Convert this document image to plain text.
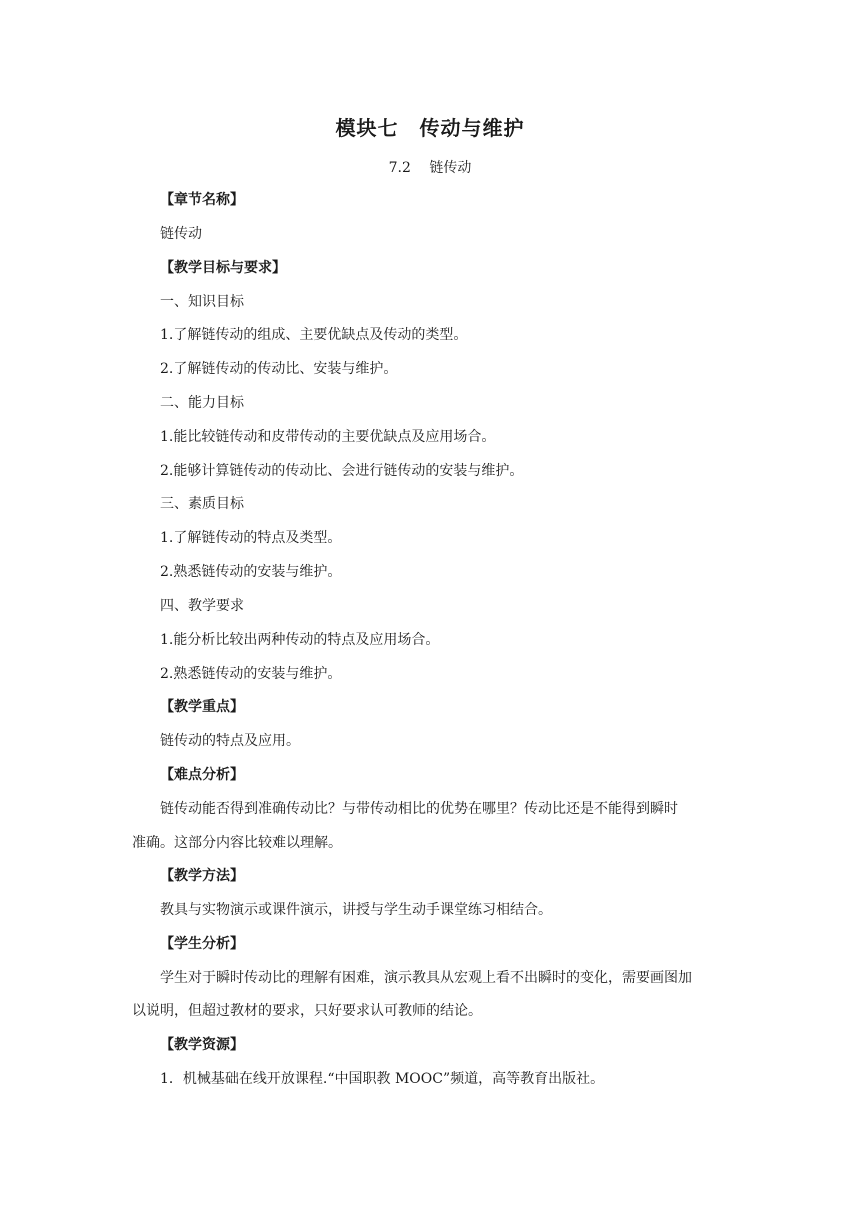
模块七　传动与维护
7.2　 链传动
【章节名称】
链传动
【教学目标与要求】
一、知识目标
1.了解链传动的组成、主要优缺点及传动的类型。
2.了解链传动的传动比、安装与维护。
二、能力目标
1.能比较链传动和皮带传动的主要优缺点及应用场合。
2.能够计算链传动的传动比、会进行链传动的安装与维护。
三、素质目标
1.了解链传动的特点及类型。
2.熟悉链传动的安装与维护。
四、教学要求
1.能分析比较出两种传动的特点及应用场合。
2.熟悉链传动的安装与维护。
【教学重点】
链传动的特点及应用。
【难点分析】
链传动能否得到准确传动比？与带传动相比的优势在哪里？传动比还是不能得到瞬时
准确。这部分内容比较难以理解。
【教学方法】
教具与实物演示或课件演示，讲授与学生动手课堂练习相结合。
【学生分析】
学生对于瞬时传动比的理解有困难，演示教具从宏观上看不出瞬时的变化，需要画图加
以说明，但超过教材的要求，只好要求认可教师的结论。
【教学资源】
1．机械基础在线开放课程.“中国职教 MOOC”频道，高等教育出版社。
